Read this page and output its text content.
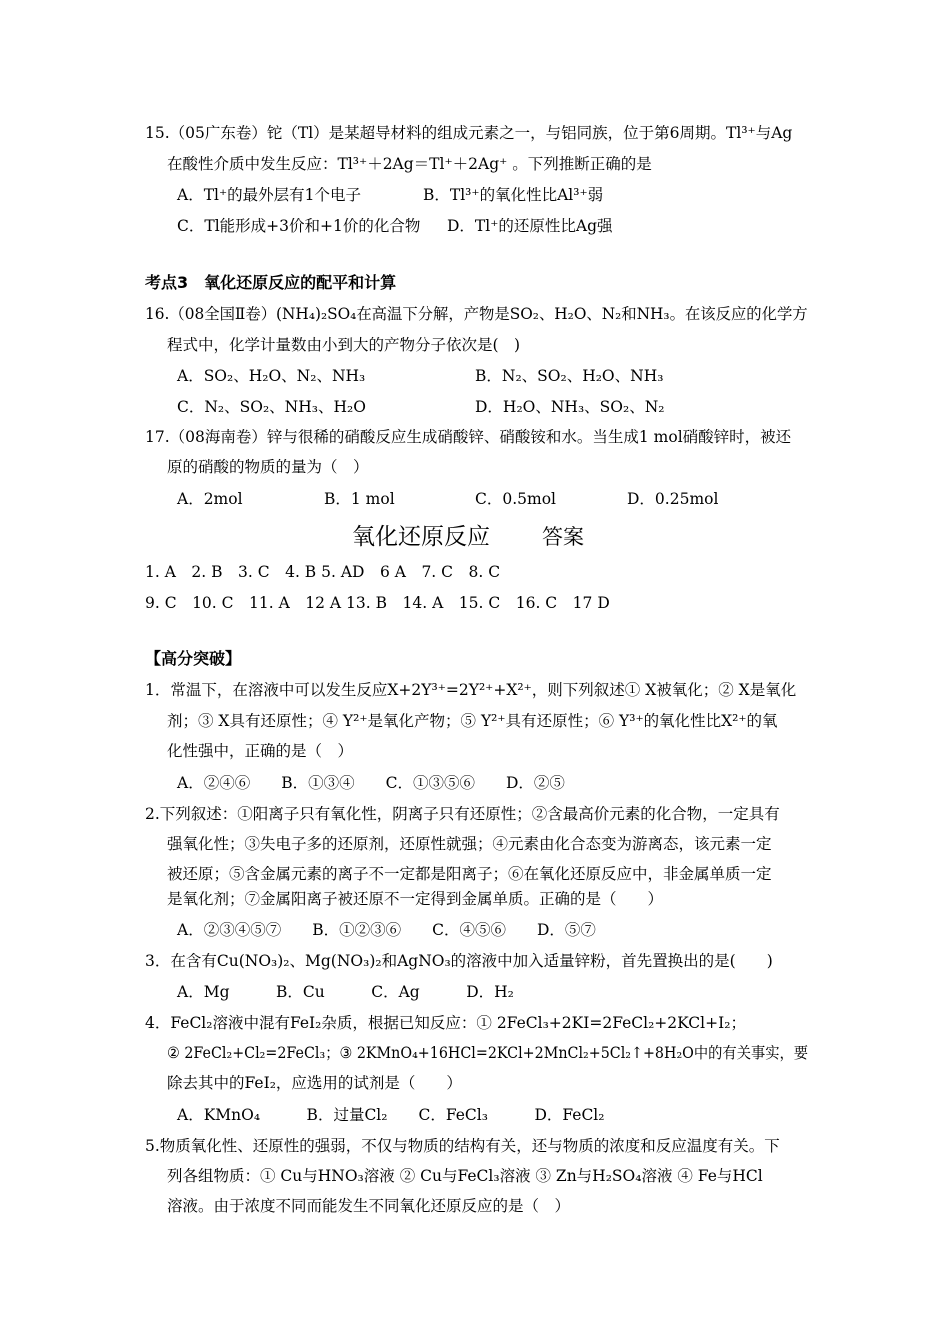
15.（05广东卷）铊（Tl）是某超导材料的组成元素之一，与铝同族，位于第6周期。Tl³⁺与Ag
在酸性介质中发生反应：Tl³⁺＋2Ag＝Tl⁺＋2Ag⁺ 。下列推断正确的是
A．Tl⁺的最外层有1个电子	B．Tl³⁺的氧化性比Al³⁺弱
C．Tl能形成+3价和+1价的化合物 D．Tl⁺的还原性比Ag强
考点3　氧化还原反应的配平和计算
16.（08全国Ⅱ卷）(NH₄)₂SO₄在高温下分解，产物是SO₂、H₂O、N₂和NH₃。在该反应的化学方
程式中，化学计量数由小到大的产物分子依次是(　)
A．SO₂、H₂O、N₂、NH₃	B．N₂、SO₂、H₂O、NH₃
C．N₂、SO₂、NH₃、H₂O	D．H₂O、NH₃、SO₂、N₂
17.（08海南卷）锌与很稀的硝酸反应生成硝酸锌、硝酸铵和水。当生成1 mol硝酸锌时，被还
原的硝酸的物质的量为（　）
A．2mol	B．1 mol	C．0.5mol	D．0.25mol
氧化还原反应 答案
1. A　2. B　3. C　4. B 5. AD　6 A　7. C　8. C
9. C　10. C　11. A　12 A 13. B　14. A　15. C　16. C　17 D
【高分突破】
1．常温下，在溶液中可以发生反应X+2Y³⁺=2Y²⁺+X²⁺，则下列叙述① X被氧化；② X是氧化
剂；③ X具有还原性；④ Y²⁺是氧化产物；⑤ Y²⁺具有还原性；⑥ Y³⁺的氧化性比X²⁺的氧
化性强中，正确的是（　）
A．②④⑥　　B．①③④　　C．①③⑤⑥　　D．②⑤
2.下列叙述：①阳离子只有氧化性，阴离子只有还原性；②含最高价元素的化合物，一定具有
强氧化性；③失电子多的还原剂，还原性就强；④元素由化合态变为游离态，该元素一定
被还原；⑤含金属元素的离子不一定都是阳离子；⑥在氧化还原反应中，非金属单质一定
是氧化剂；⑦金属阳离子被还原不一定得到金属单质。正确的是（　　）
A．②③④⑤⑦　　B．①②③⑥　　C．④⑤⑥　　D．⑤⑦
3．在含有Cu(NO₃)₂、Mg(NO₃)₂和AgNO₃的溶液中加入适量锌粉，首先置换出的是(　　)
A．Mg　　　B．Cu　　　C．Ag　　　D．H₂
4．FeCl₂溶液中混有FeI₂杂质，根据已知反应：① 2FeCl₃+2KI=2FeCl₂+2KCl+I₂；
② 2FeCl₂+Cl₂=2FeCl₃；③ 2KMnO₄+16HCl=2KCl+2MnCl₂+5Cl₂↑+8H₂O中的有关事实，要
除去其中的FeI₂，应选用的试剂是（　　）
A．KMnO₄　　　B．过量Cl₂　　C．FeCl₃　　　D．FeCl₂
5.物质氧化性、还原性的强弱，不仅与物质的结构有关，还与物质的浓度和反应温度有关。下
列各组物质：① Cu与HNO₃溶液 ② Cu与FeCl₃溶液 ③ Zn与H₂SO₄溶液 ④ Fe与HCl
溶液。由于浓度不同而能发生不同氧化还原反应的是（　）
